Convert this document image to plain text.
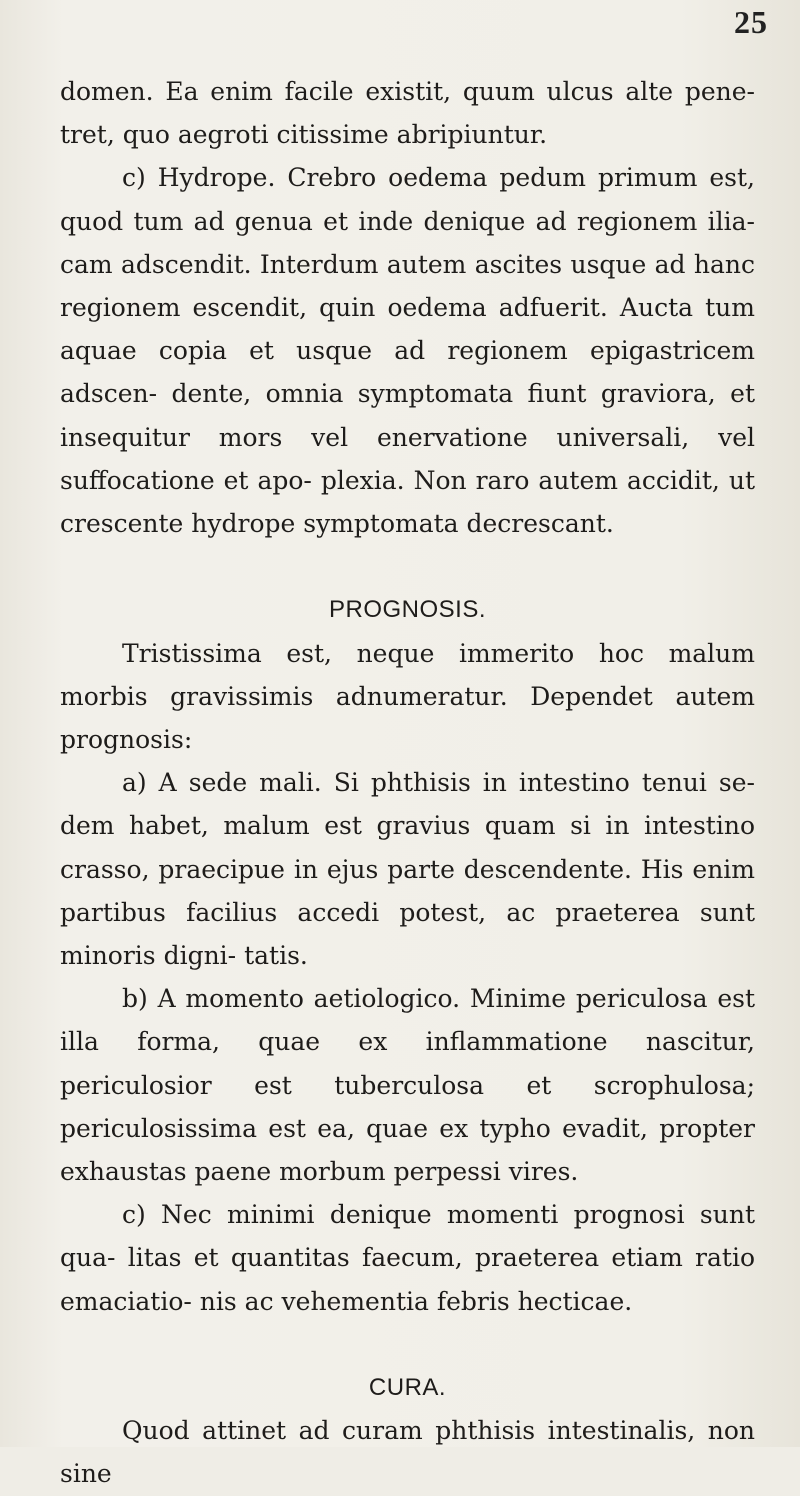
25

domen. Ea enim facile existit, quum ulcus alte pene- tret, quo aegroti citissime abripiuntur.

c) Hydrope. Crebro oedema pedum primum est, quod tum ad genua et inde denique ad regionem ilia- cam adscendit. Interdum autem ascites usque ad hanc regionem escendit, quin oedema adfuerit. Aucta tum aquae copia et usque ad regionem epigastricem adscen- dente, omnia symptomata fiunt graviora, et insequitur mors vel enervatione universali, vel suffocatione et apo- plexia. Non raro autem accidit, ut crescente hydrope symptomata decrescant.

PROGNOSIS.

Tristissima est, neque immerito hoc malum morbis gravissimis adnumeratur. Dependet autem prognosis:

a) A sede mali. Si phthisis in intestino tenui se- dem habet, malum est gravius quam si in intestino crasso, praecipue in ejus parte descendente. His enim partibus facilius accedi potest, ac praeterea sunt minoris digni- tatis.

b) A momento aetiologico. Minime periculosa est illa forma, quae ex inflammatione nascitur, periculosior est tuberculosa et scrophulosa; periculosissima est ea, quae ex typho evadit, propter exhaustas paene morbum perpessi vires.

c) Nec minimi denique momenti prognosi sunt qua- litas et quantitas faecum, praeterea etiam ratio emaciatio- nis ac vehementia febris hecticae.

CURA.

Quod attinet ad curam phthisis intestinalis, non sine
